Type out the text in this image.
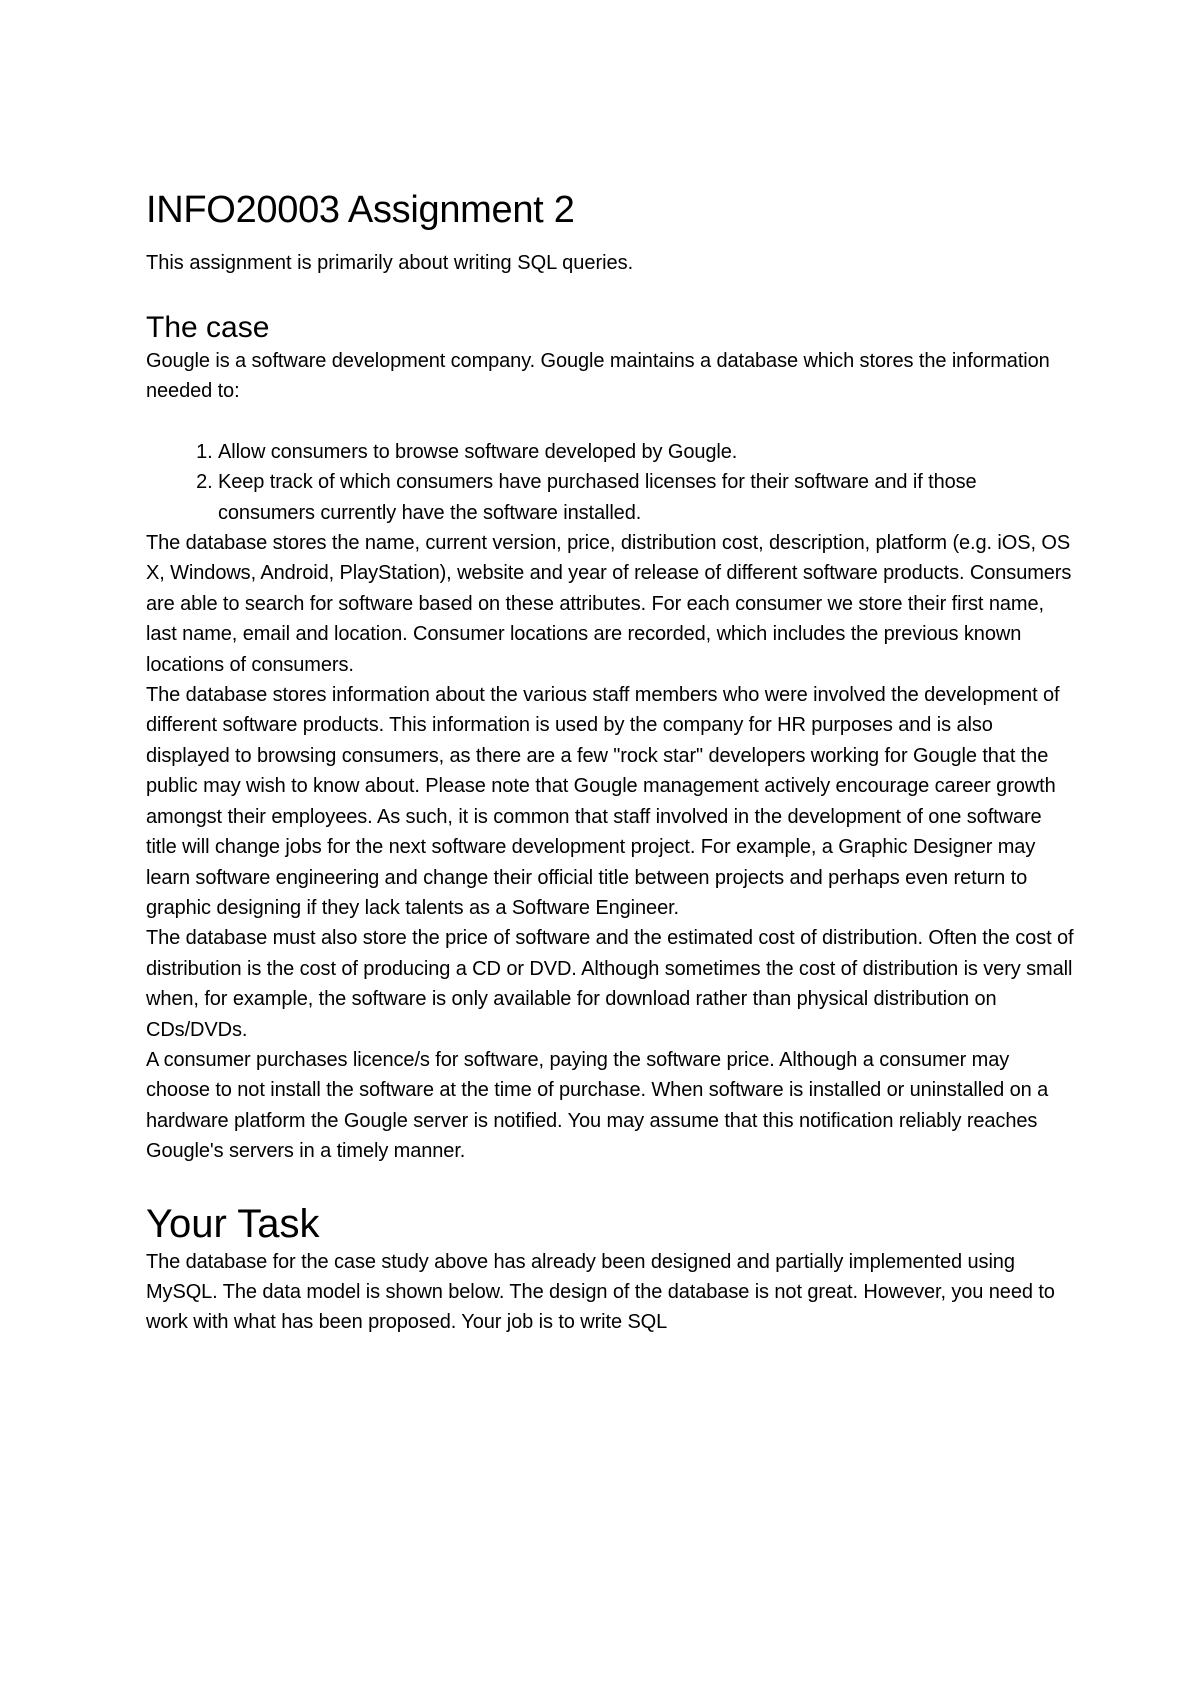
INFO20003 Assignment 2

This assignment is primarily about writing SQL queries.

The case

Gougle is a software development company. Gougle maintains a database which stores the information needed to:

1. Allow consumers to browse software developed by Gougle.
2. Keep track of which consumers have purchased licenses for their software and if those consumers currently have the software installed.

The database stores the name, current version, price, distribution cost, description, platform (e.g. iOS, OS X, Windows, Android, PlayStation), website and year of release of different software products. Consumers are able to search for software based on these attributes. For each consumer we store their first name, last name, email and location. Consumer locations are recorded, which includes the previous known locations of consumers.

The database stores information about the various staff members who were involved the development of different software products. This information is used by the company for HR purposes and is also displayed to browsing consumers, as there are a few "rock star" developers working for Gougle that the public may wish to know about. Please note that Gougle management actively encourage career growth amongst their employees. As such, it is common that staff involved in the development of one software title will change jobs for the next software development project. For example, a Graphic Designer may learn software engineering and change their official title between projects and perhaps even return to graphic designing if they lack talents as a Software Engineer.

The database must also store the price of software and the estimated cost of distribution. Often the cost of distribution is the cost of producing a CD or DVD. Although sometimes the cost of distribution is very small when, for example, the software is only available for download rather than physical distribution on CDs/DVDs.

A consumer purchases licence/s for software, paying the software price. Although a consumer may choose to not install the software at the time of purchase. When software is installed or uninstalled on a hardware platform the Gougle server is notified. You may assume that this notification reliably reaches Gougle's servers in a timely manner.

Your Task

The database for the case study above has already been designed and partially implemented using MySQL. The data model is shown below. The design of the database is not great. However, you need to work with what has been proposed. Your job is to write SQL
